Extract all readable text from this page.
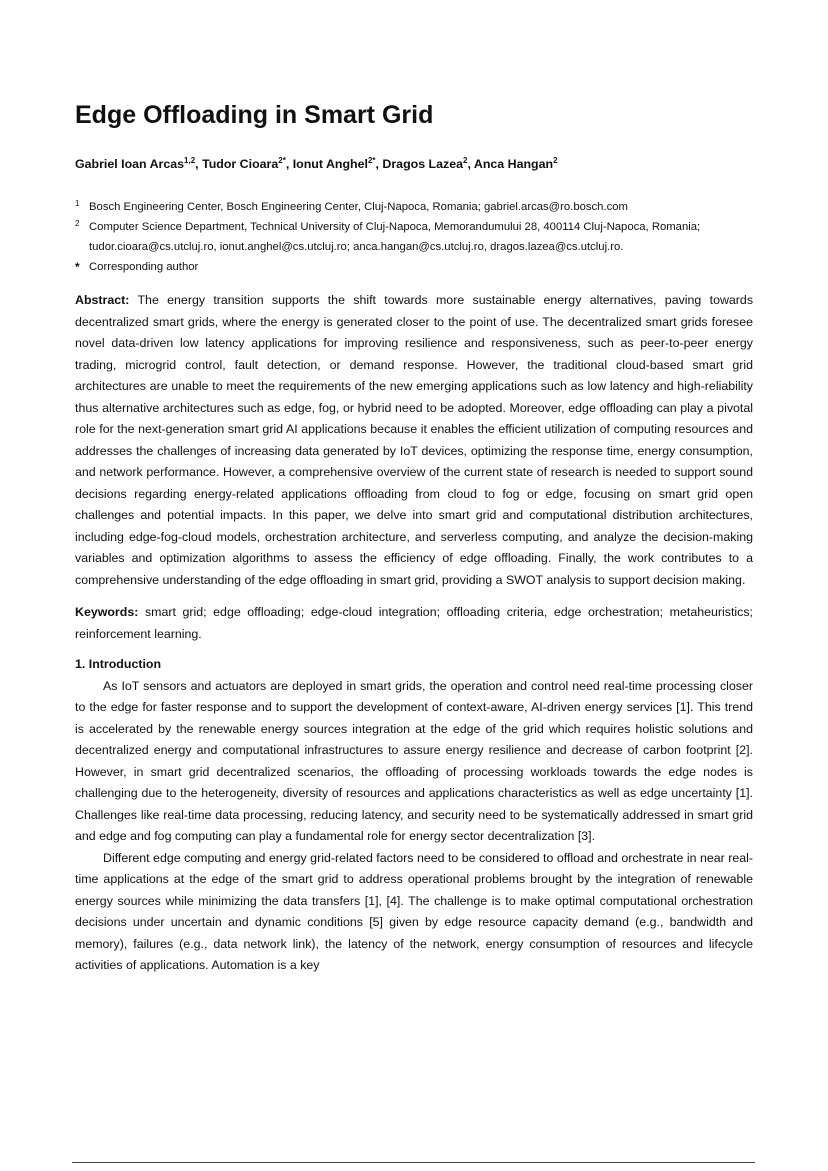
Edge Offloading in Smart Grid
Gabriel Ioan Arcas$^{1,2}$, Tudor Cioara$^{2*}$, Ionut Anghel$^{2*}$, Dragos Lazea$^2$, Anca Hangan$^2$
1 Bosch Engineering Center, Bosch Engineering Center, Cluj-Napoca, Romania; gabriel.arcas@ro.bosch.com
2 Computer Science Department, Technical University of Cluj-Napoca, Memorandumului 28, 400114 Cluj-Napoca, Romania; tudor.cioara@cs.utcluj.ro, ionut.anghel@cs.utcluj.ro; anca.hangan@cs.utcluj.ro, dragos.lazea@cs.utcluj.ro.
* Corresponding author

Abstract: The energy transition supports the shift towards more sustainable energy alternatives, paving towards decentralized smart grids, where the energy is generated closer to the point of use. The decentralized smart grids foresee novel data-driven low latency applications for improving resilience and responsiveness, such as peer-to-peer energy trading, microgrid control, fault detection, or demand response. However, the traditional cloud-based smart grid architectures are unable to meet the requirements of the new emerging applications such as low latency and high-reliability thus alternative architectures such as edge, fog, or hybrid need to be adopted. Moreover, edge offloading can play a pivotal role for the next-generation smart grid AI applications because it enables the efficient utilization of computing resources and addresses the challenges of increasing data generated by IoT devices, optimizing the response time, energy consumption, and network performance. However, a comprehensive overview of the current state of research is needed to support sound decisions regarding energy-related applications offloading from cloud to fog or edge, focusing on smart grid open challenges and potential impacts. In this paper, we delve into smart grid and computational distribution architectures, including edge-fog-cloud models, orchestration architecture, and serverless computing, and analyze the decision-making variables and optimization algorithms to assess the efficiency of edge offloading. Finally, the work contributes to a comprehensive understanding of the edge offloading in smart grid, providing a SWOT analysis to support decision making.

Keywords: smart grid; edge offloading; edge-cloud integration; offloading criteria, edge orchestration; metaheuristics; reinforcement learning.

1. Introduction

As IoT sensors and actuators are deployed in smart grids, the operation and control need real-time processing closer to the edge for faster response and to support the development of context-aware, AI-driven energy services [1]. This trend is accelerated by the renewable energy sources integration at the edge of the grid which requires holistic solutions and decentralized energy and computational infrastructures to assure energy resilience and decrease of carbon footprint [2]. However, in smart grid decentralized scenarios, the offloading of processing workloads towards the edge nodes is challenging due to the heterogeneity, diversity of resources and applications characteristics as well as edge uncertainty [1]. Challenges like real-time data processing, reducing latency, and security need to be systematically addressed in smart grid and edge and fog computing can play a fundamental role for energy sector decentralization [3].

Different edge computing and energy grid-related factors need to be considered to offload and orchestrate in near real-time applications at the edge of the smart grid to address operational problems brought by the integration of renewable energy sources while minimizing the data transfers [1], [4]. The challenge is to make optimal computational orchestration decisions under uncertain and dynamic conditions [5] given by edge resource capacity demand (e.g., bandwidth and memory), failures (e.g., data network link), the latency of the network, energy consumption of resources and lifecycle activities of applications. Automation is a key
